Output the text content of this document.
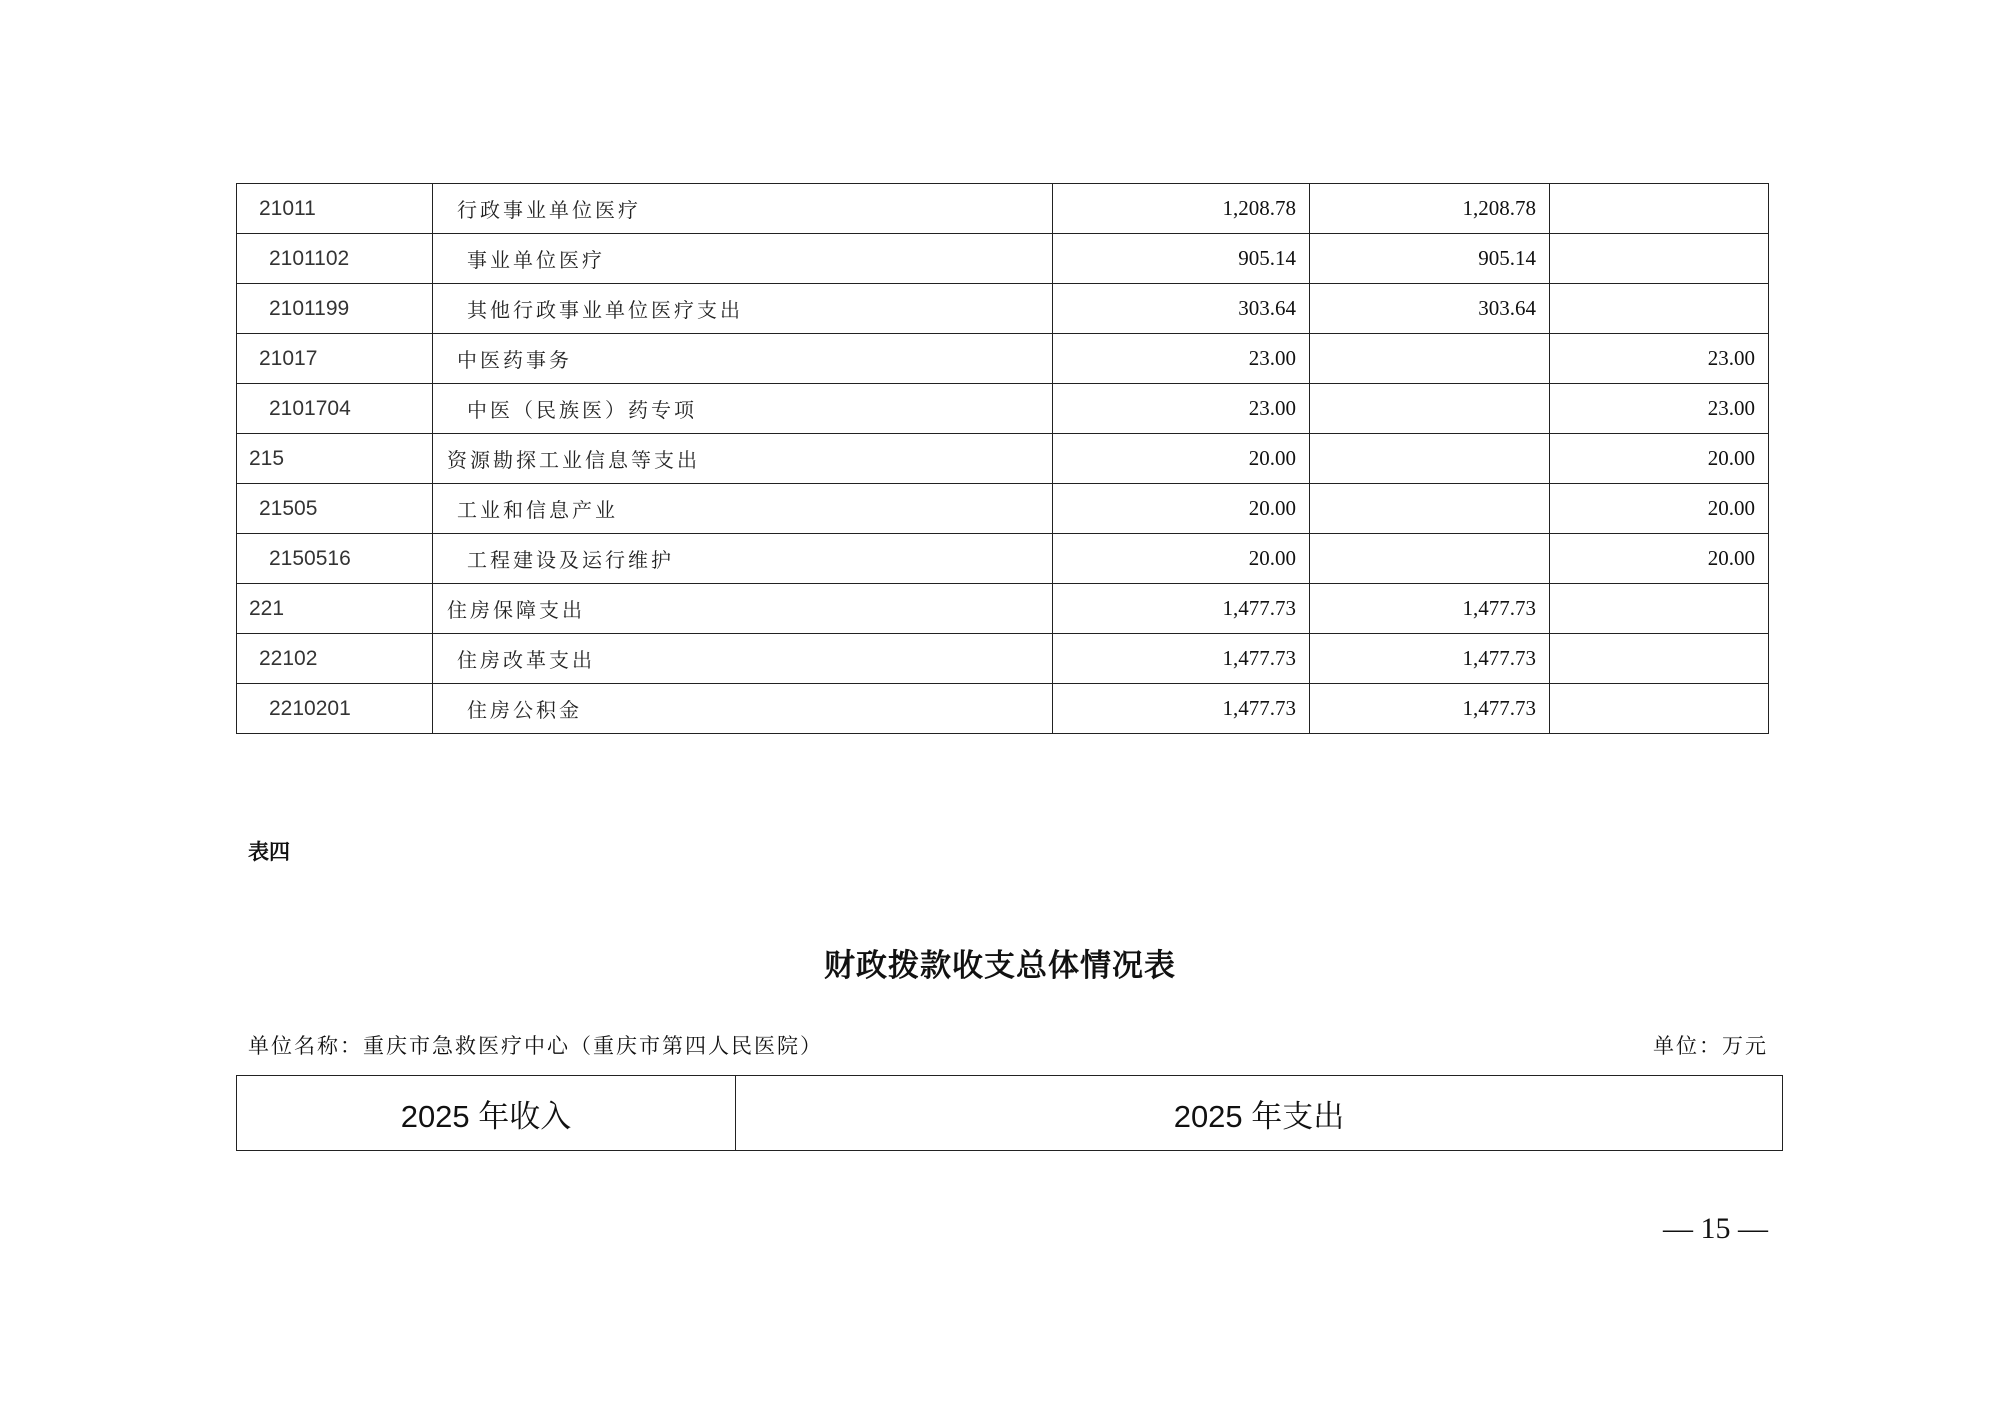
21011	行政事业单位医疗	1,208.78	1,208.78	
2101102	事业单位医疗	905.14	905.14	
2101199	其他行政事业单位医疗支出	303.64	303.64	
21017	中医药事务	23.00		23.00
2101704	中医（民族医）药专项	23.00		23.00
215	资源勘探工业信息等支出	20.00		20.00
21505	工业和信息产业	20.00		20.00
2150516	工程建设及运行维护	20.00		20.00
221	住房保障支出	1,477.73	1,477.73	
22102	住房改革支出	1,477.73	1,477.73	
2210201	住房公积金	1,477.73	1,477.73	
表四
财政拨款收支总体情况表
单位名称：重庆市急救医疗中心（重庆市第四人民医院）	单位：万元
2025 年收入	2025 年支出
— 15 —
